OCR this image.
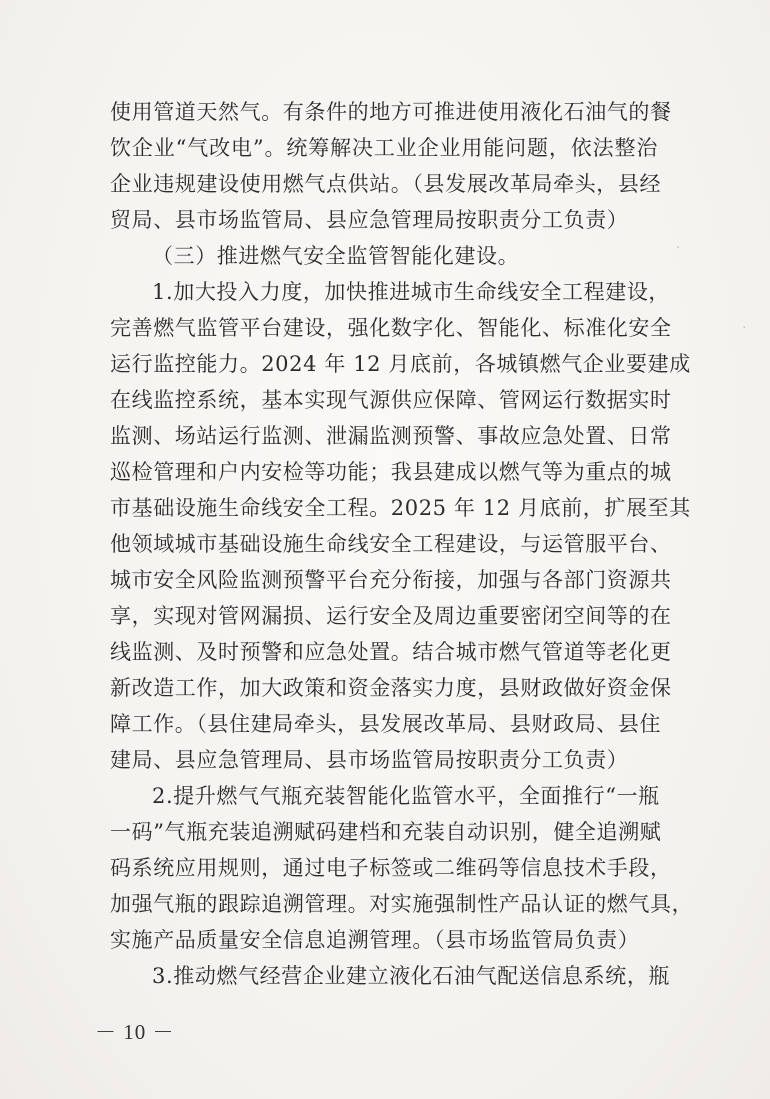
·
·
使用管道天然气。有条件的地方可推进使用液化石油气的餐
饮企业“气改电”。统筹解决工业企业用能问题，依法整治
企业违规建设使用燃气点供站。（县发展改革局牵头，县经
贸局、县市场监管局、县应急管理局按职责分工负责）
（三）推进燃气安全监管智能化建设。
1.加大投入力度，加快推进城市生命线安全工程建设，
完善燃气监管平台建设，强化数字化、智能化、标准化安全
运行监控能力。2024 年 12 月底前，各城镇燃气企业要建成
在线监控系统，基本实现气源供应保障、管网运行数据实时
监测、场站运行监测、泄漏监测预警、事故应急处置、日常
巡检管理和户内安检等功能；我县建成以燃气等为重点的城
市基础设施生命线安全工程。2025 年 12 月底前，扩展至其
他领域城市基础设施生命线安全工程建设，与运管服平台、
城市安全风险监测预警平台充分衔接，加强与各部门资源共
享，实现对管网漏损、运行安全及周边重要密闭空间等的在
线监测、及时预警和应急处置。结合城市燃气管道等老化更
新改造工作，加大政策和资金落实力度，县财政做好资金保
障工作。（县住建局牵头，县发展改革局、县财政局、县住
建局、县应急管理局、县市场监管局按职责分工负责）
－ 10 －
2.提升燃气气瓶充装智能化监管水平，全面推行“一瓶
一码”气瓶充装追溯赋码建档和充装自动识别，健全追溯赋
码系统应用规则，通过电子标签或二维码等信息技术手段，
加强气瓶的跟踪追溯管理。对实施强制性产品认证的燃气具，
实施产品质量安全信息追溯管理。（县市场监管局负责）
3.推动燃气经营企业建立液化石油气配送信息系统，瓶
